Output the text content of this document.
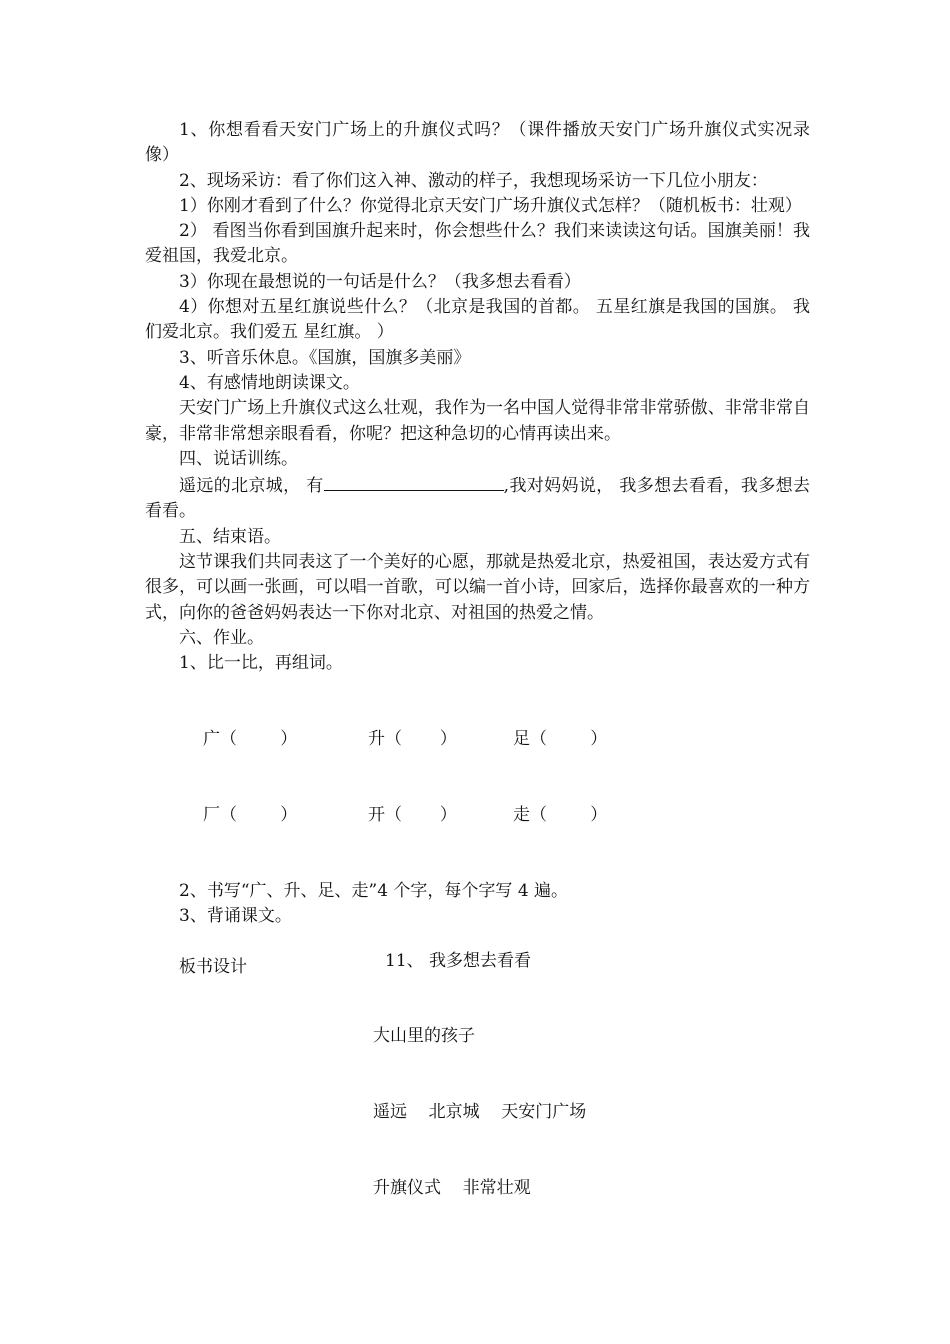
1、你想看看天安门广场上的升旗仪式吗？（课件播放天安门广场升旗仪式实况录像）

2、现场采访：看了你们这入神、激动的样子，我想现场采访一下几位小朋友：

1）你刚才看到了什么？你觉得北京天安门广场升旗仪式怎样？（随机板书：壮观）

2） 看图当你看到国旗升起来时，你会想些什么？我们来读读这句话。国旗美丽！我爱祖国，我爱北京。

3）你现在最想说的一句话是什么？（我多想去看看）

4）你想对五星红旗说些什么？（北京是我国的首都。 五星红旗是我国的国旗。 我们爱北京。我们爱五 星红旗。 ）

3、听音乐休息。《国旗，国旗多美丽》

4、有感情地朗读课文。

天安门广场上升旗仪式这么壮观，我作为一名中国人觉得非常非常骄傲、非常非常自豪，非常非常想亲眼看看，你呢？把这种急切的心情再读出来。

四、说话训练。

遥远的北京城， 有	,我对妈妈说， 我多想去看看，我多想去看看。

五、结束语。

这节课我们共同表这了一个美好的心愿，那就是热爱北京，热爱祖国，表达爱方式有很多，可以画一张画，可以唱一首歌，可以编一首小诗，回家后，选择你最喜欢的一种方式，向你的爸爸妈妈表达一下你对北京、对祖国的热爱之情。

六、作业。

1、比一比，再组词。

广（        ）	升（       ）	足（        ）

厂（        ）	开（       ）	走（        ）

2、书写“广、升、足、走”4 个字，每个字写 4 遍。

3、背诵课文。

板书设计

	11、 我多想去看看

大山里的孩子

遥远    北京城    天安门广场

升旗仪式    非常壮观
